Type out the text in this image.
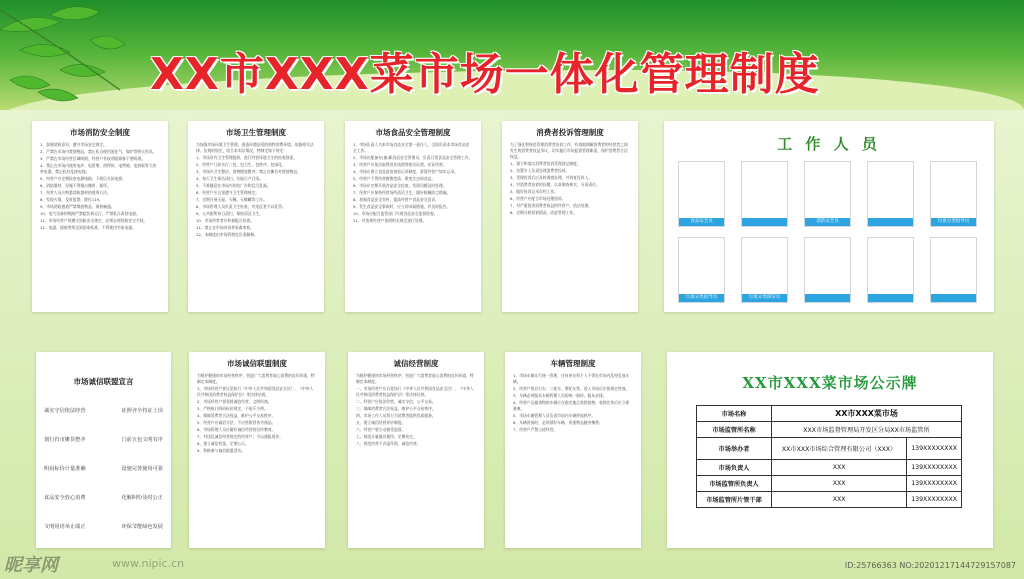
XX市XXX菜市场一体化管理制度
市场消防安全制度

1、加强消防意识，遵守市场安全规定。

2、严禁在市场内焚烧物品，禁止私自使用液化气、煤炉等明火用具。

3、严禁在市场经营区域吸烟，经营户有权劝阻顾客不要吸烟。

4、禁止在市场内使用电炉、电饭煲、热得快、电烤箱、电热板等大功率电器，禁止私拉乱接电线。

5、经营户应定期检查电源线路，下班后关闭电源。

6、消防器材，设施不得擅自挪用，损坏。

7、经营人员应熟悉消防器材的使用方法。

8、发现火情，及时报警，拨打119。

9、市场消防通道严禁堆放物品，保持畅通。

10、电气设备和线路严禁超负荷运行，严禁私自改装电器。

11、市场经营户须遵守消防安全规定，必须办理消防安全手续。

12、电器、插座等须达到国家标准，不得使用劣质电器。

市场卫生管理制度

为加强市场环境卫生管理，创造环境舒适的购物消费环境，依据相关法律、法规的规定，结合本实际情况，特制定如下规定：

1、市场设有卫生管理组织，进行经营环境卫生的检查督促。

2、经营户门前实行三包，包卫生、包秩序、包绿化。

3、市场内卫生整洁，货物摆放整齐，禁止在摊位外摆放物品。

4、每天卫生保洁清扫，垃圾日产日清。

5、不准随意在市场内张贴广告和乱写乱画。

6、经营户应自觉遵守卫生管理规定。

7、定期开展灭鼠、灭蝇、灭蟑螂等工作。

8、市场管理人员负责卫生检查，对违反者予以处罚。

9、公共厕所每日清扫，保持清洁卫生。

10、市场经营者应积极配合检查。

11、禁止在市场内饲养家禽家畜。

12、本制度由市场管理处负责解释。

市场食品安全管理制度

1、市场负责人为本市场食品安全第一责任人，全面负责本市场食品安全工作。

2、市场应配备专(兼)职食品安全管理员，负责日常食品安全管理工作。

3、经营户应依法取得营业执照等相关证照，亮证经营。

4、市场应建立食品进货查验记录制度，督促经营户如实记录。

5、经营户不得经营腐败变质、霉变生虫的食品。

6、市场应定期开展食品安全检查，发现问题及时处理。

7、经营户应保持经营场所清洁卫生，做好防蝇防尘措施。

8、加强食品安全宣传，提高经营户食品安全意识。

9、发生食品安全事故时，应立即采取措施，并及时报告。

10、市场应配合监管部门开展食品安全监督检查。

11、对违规经营户依照相关规定进行处理。

消费者投诉管理制度

为了强化和规范管理消费者投诉工作，有效地调解消费者和经营者之间发生的消费者权益争议，切实履行市场监督管理职责，保护消费者合法权益。

1、建立和落实消费者投诉受理登记制度。

2、设置专人负责处理消费者投诉。

3、受理投诉后应及时调查处理，并答复投诉人。

4、对消费者投诉的问题，认真调查核实，分清责任。

5、做好投诉记录存档工作。

6、经营户应配合市场处理投诉。

7、对严重侵害消费者权益的经营户，依法处理。

8、定期分析投诉情况，改进管理工作。

工 作 人 员
食品安全员
垃圾分类指导员	垃圾分类保洁员
消防安全员	垃圾分类指导员
市场诚信联盟宣言
诚实守信依法经营	证照齐全持证上岗
划行归市摊货整齐	门前五包文明有序
明码标价计量准确	设施完善使用可靠
食品安全放心消费	化解纠纷及时公正
文明用语举止端正	环保节能绿色发展
市场诚信联盟制度

为维护健康的市场经营秩序，营造广大消费者放心消费的良好环境，特制定本制度。

1、市场经营户要自觉执行《中华人民共和国食品安全法》、《中华人民共和国消费者权益保护法》等法律法规。

2、市场经营户要坚持诚信经营，文明经商。

3、严格执行明码标价规定，不短斤少两。

4、保障消费者合法权益，维护公平交易秩序。

5、经营户应诚信守法，不出售假冒伪劣商品。

6、市场管理人员应做好诚信经营的宣传教育。

7、对违反诚信经营规定的经营户，予以通报批评。

8、建立诚信档案，定期公示。

9、积极参与诚信联盟活动。

诚信经营制度

为维护健康的市场经营秩序，营造广大消费者放心消费的良好环境，特制定本制度。

一、市场经营户应自觉执行《中华人民共和国食品安全法》、《中华人民共和国消费者权益保护法》等法律法规。

二、经营户应依法经营，诚实守信，公平交易。

三、保障消费者合法权益，维护公平交易秩序。

四、市场工作人员努力为消费者提供优质服务。

五、建立诚信经营评价制度。

六、经营户要主动接受监督。

七、规范计量器具使用，定期检定。

八、规范经营不弄虚作假，诚信经营。

车辆管理制度

1、市场车辆实行统一管理，任何单位和个人不得在市场内乱停乱放车辆。

2、经营户的自行车、三轮车、摩托车等，进入市场后应按规定停放。

3、车辆必须服从车辆管理人员的统一指挥，服从安排。

4、经营户运输货物的车辆应在指定地点装卸货物，装卸完毕后应立即驶离。

5、市场车辆管理人员负责市场内车辆停放秩序。

6、车辆停放时，必须锁好车辆，贵重物品随身携带。

7、经营户严禁占道经营。

XX市XXX菜市场公示牌
市场名称	XX市XXX菜市场	
市场监管所名称	XXX市场监督管理局开发区分局XX市场监管所	
市场举办者	XX市XXX市场综合管理有限公司（XXX）	139XXXXXXXX
市场负责人	XXX	139XXXXXXXX
市场监管所负责人	XXX	139XXXXXXXX
市场监管所片管干部	XXX	139XXXXXXXX
昵享网	www.nipic.cn	ID:25766363 NO:20201217144729157087
